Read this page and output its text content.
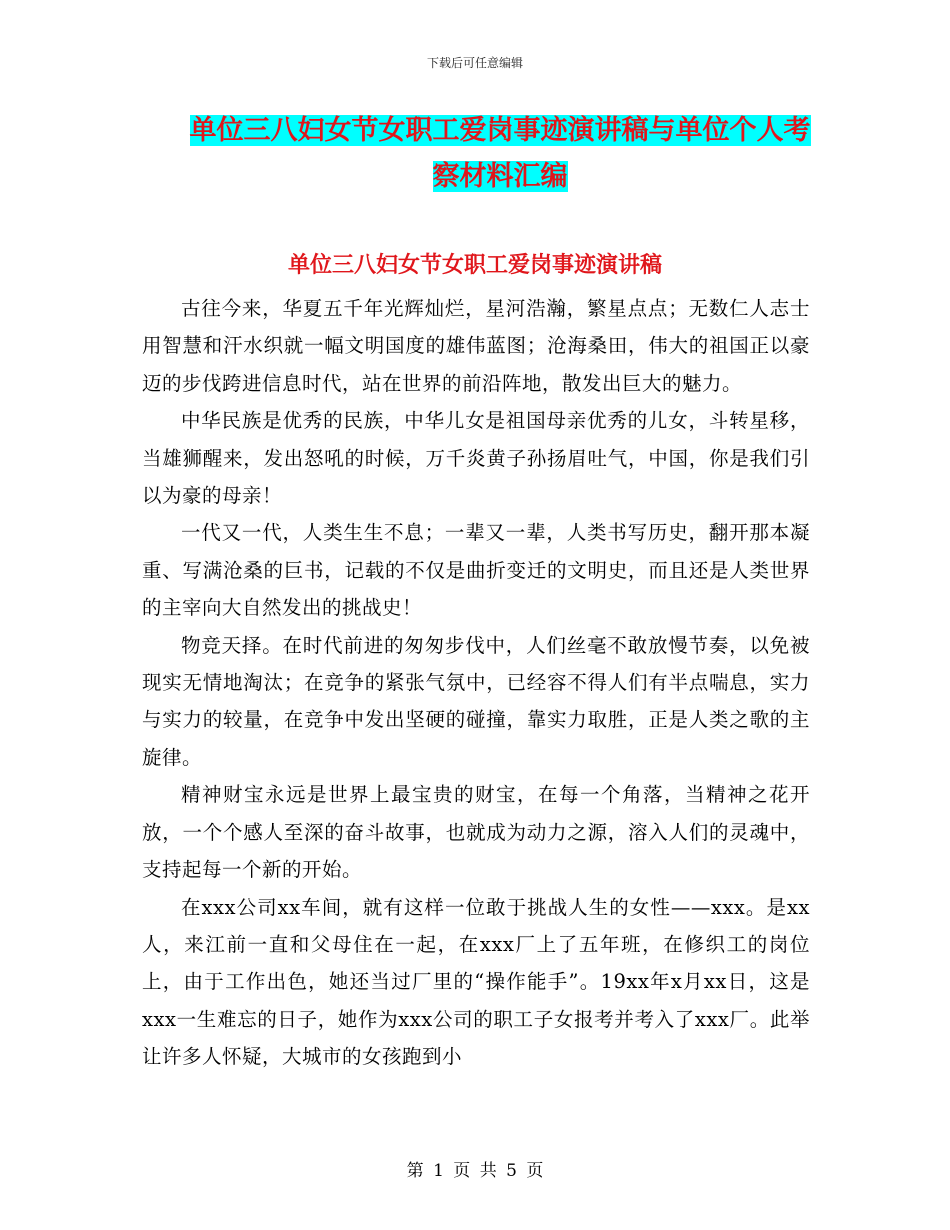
下载后可任意编辑
单位三八妇女节女职工爱岗事迹演讲稿与单位个人考
察材料汇编
单位三八妇女节女职工爱岗事迹演讲稿

古往今来，华夏五千年光辉灿烂，星河浩瀚，繁星点点；无数仁人志士用智慧和汗水织就一幅文明国度的雄伟蓝图；沧海桑田，伟大的祖国正以豪迈的步伐跨进信息时代，站在世界的前沿阵地，散发出巨大的魅力。

中华民族是优秀的民族，中华儿女是祖国母亲优秀的儿女，斗转星移，当雄狮醒来，发出怒吼的时候，万千炎黄子孙扬眉吐气，中国，你是我们引以为豪的母亲！

一代又一代，人类生生不息；一辈又一辈，人类书写历史，翻开那本凝重、写满沧桑的巨书，记载的不仅是曲折变迁的文明史，而且还是人类世界的主宰向大自然发出的挑战史！

物竞天择。在时代前进的匆匆步伐中，人们丝毫不敢放慢节奏，以免被现实无情地淘汰；在竞争的紧张气氛中，已经容不得人们有半点喘息，实力与实力的较量，在竞争中发出坚硬的碰撞，靠实力取胜，正是人类之歌的主旋律。

精神财宝永远是世界上最宝贵的财宝，在每一个角落，当精神之花开放，一个个感人至深的奋斗故事，也就成为动力之源，溶入人们的灵魂中，支持起每一个新的开始。

在xxx公司xx车间，就有这样一位敢于挑战人生的女性——xxx。是xx人，来江前一直和父母住在一起，在xxx厂上了五年班，在修织工的岗位上，由于工作出色，她还当过厂里的“操作能手”。19xx年x月xx日，这是xxx一生难忘的日子，她作为xxx公司的职工子女报考并考入了xxx厂。此举让许多人怀疑，大城市的女孩跑到小

第 1 页 共 5 页
